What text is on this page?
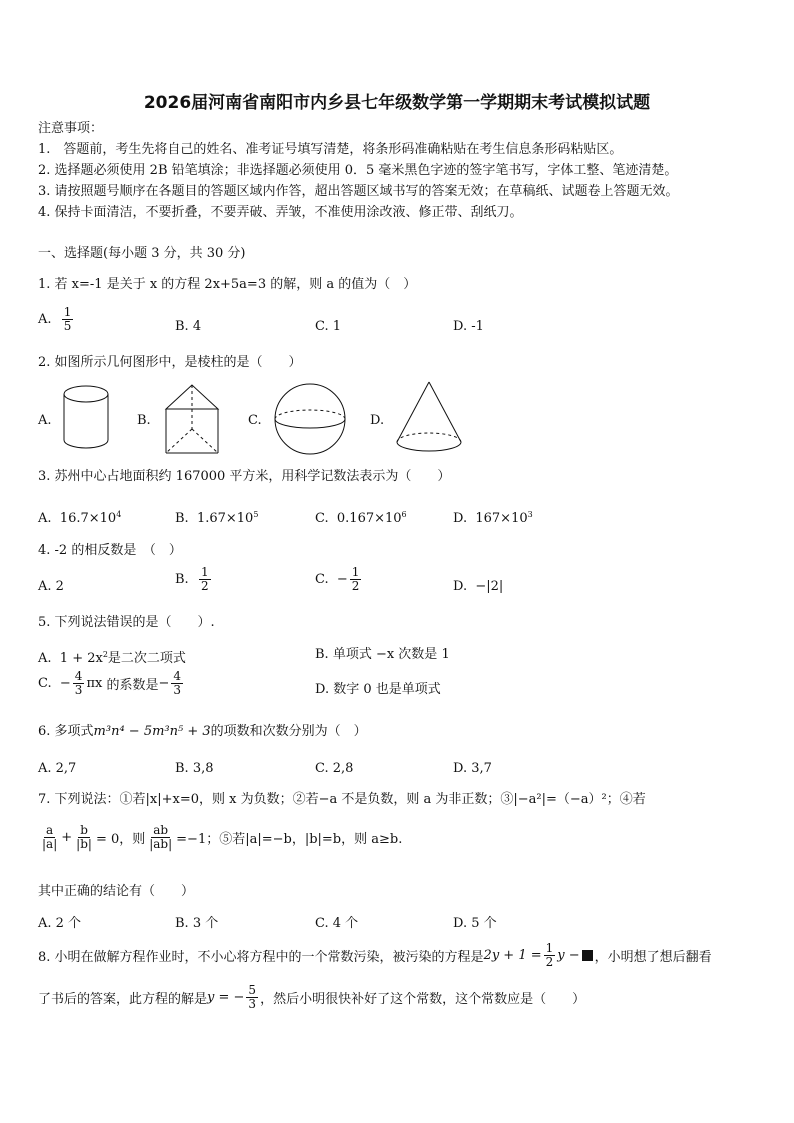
2026届河南省南阳市内乡县七年级数学第一学期期末考试模拟试题
注意事项：
1.　答题前，考生先将自己的姓名、准考证号填写清楚，将条形码准确粘贴在考生信息条形码粘贴区。
2. 选择题必须使用 2B 铅笔填涂；非选择题必须使用 0．5 毫米黑色字迹的签字笔书写，字体工整、笔迹清楚。
3. 请按照题号顺序在各题目的答题区域内作答，超出答题区域书写的答案无效；在草稿纸、试题卷上答题无效。
4. 保持卡面清洁，不要折叠，不要弄破、弄皱，不准使用涂改液、修正带、刮纸刀。
一、选择题(每小题 3 分，共 30 分)
1. 若 x=-1 是关于 x 的方程 2x+5a=3 的解，则 a 的值为（　）
A.
$\frac{1}{5}$	B. 4	C. 1	D. -1
2. 如图所示几何图形中，是棱柱的是（　　）
A.	B.	C.	D.
3. 苏州中心占地面积约 167000 平方米，用科学记数法表示为（　　）
A. $16.7\times 10^4$	B. $1.67\times 10^5$	C. $0.167\times 10^6$	D. $167\times 10^3$
4. -2 的相反数是　（　）
A. 2	B.
$\frac{1}{2}$	C.
− $\frac{1}{2}$	D. −|2|
5. 下列说法错误的是（　　）.
A. $1 + 2x^2$是二次二项式	B. 单项式 −x 次数是 1
C.
− $\frac{4}{3}$ πx
的系数是 − $\frac{4}{3}$	D. 数字 0 也是单项式
6. 多项式m³n⁴ − 5m³n⁵ + 3的项数和次数分别为（　）
A. 2,7	B. 3,8	C. 2,8	D. 3,7
7. 下列说法：①若|x|+x=0，则 x 为负数；②若−a 不是负数，则 a 为非正数；③|−a²|=（−a）²；④若
$\frac{a}{|a|} + \frac{b}{|b|} = 0$，则 $\frac{ab}{|ab|} =-1$；⑤若|a|=−b，|b|=b，则 a≥b.
其中正确的结论有（　　）
A. 2 个	B. 3 个	C. 4 个	D. 5 个
8. 小明在做解方程作业时，不小心将方程中的一个常数污染，被污染的方程是 $2y + 1 = \frac{1}{2}$ y − ，小明想了想后翻看
了书后的答案，此方程的解是 y = − $\frac{5}{3}$ ，然后小明很快补好了这个常数，这个常数应是（　　）
